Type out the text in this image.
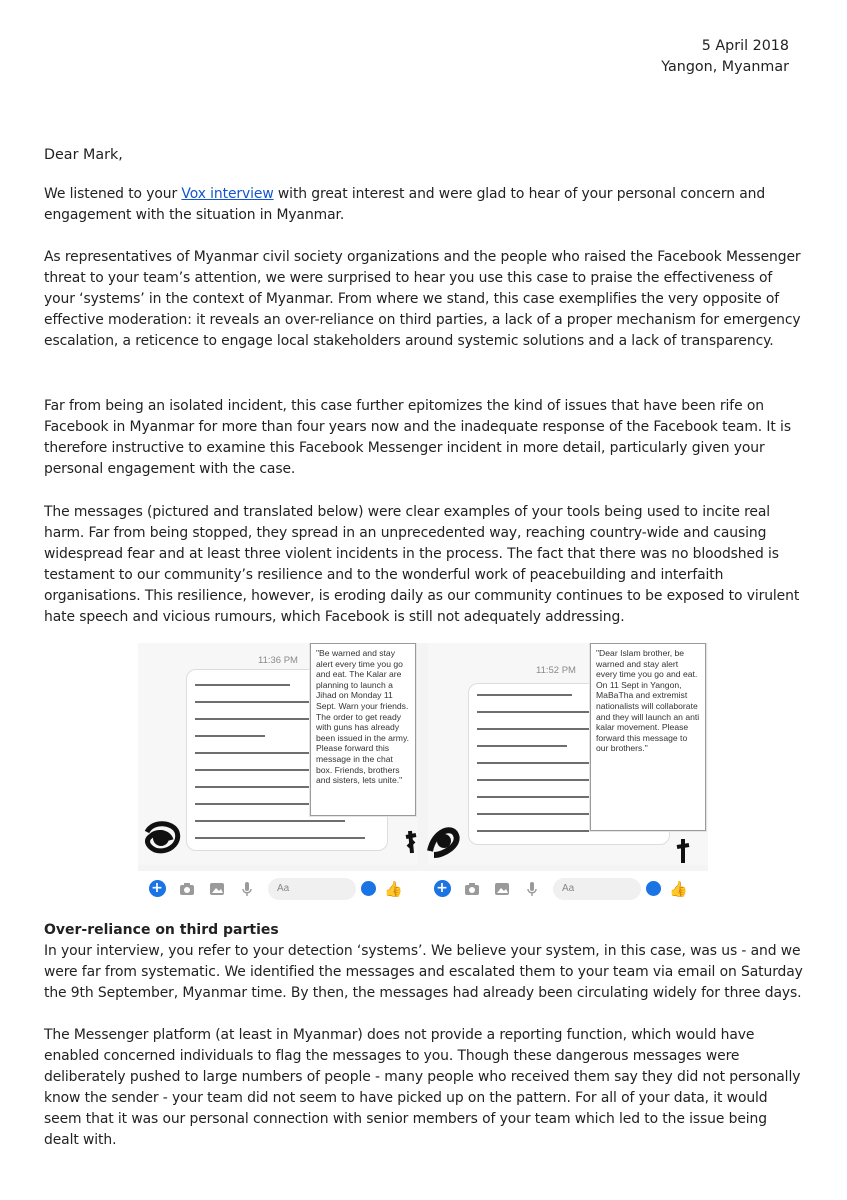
5 April 2018
Yangon, Myanmar
Dear Mark,

We listened to your Vox interview with great interest and were glad to hear of your personal concern and engagement with the situation in Myanmar.

As representatives of Myanmar civil society organizations and the people who raised the Facebook Messenger threat to your team’s attention, we were surprised to hear you use this case to praise the effectiveness of your ‘systems’ in the context of Myanmar. From where we stand, this case exemplifies the very opposite of effective moderation: it reveals an over-reliance on third parties, a lack of a proper mechanism for emergency escalation, a reticence to engage local stakeholders around systemic solutions and a lack of transparency.

Far from being an isolated incident, this case further epitomizes the kind of issues that have been rife on Facebook in Myanmar for more than four years now and the inadequate response of the Facebook team. It is therefore instructive to examine this Facebook Messenger incident in more detail, particularly given your personal engagement with the case.

The messages (pictured and translated below) were clear examples of your tools being used to incite real harm. Far from being stopped, they spread in an unprecedented way, reaching country-wide and causing widespread fear and at least three violent incidents in the process. The fact that there was no bloodshed is testament to our community’s resilience and to the wonderful work of peacebuilding and interfaith organisations. This resilience, however, is eroding daily as our community continues to be exposed to virulent hate speech and vicious rumours, which Facebook is still not adequately addressing.

11:36 PM
"Be warned and stay alert every time you go and eat. The Kalar are planning to launch a Jihad on Monday 11 Sept. Warn your friends. The order to get ready with guns has already been issued in the army. Please forward this message in the chat box. Friends, brothers and sisters, lets unite."
11:52 PM
"Dear Islam brother, be warned and stay alert every time you go and eat. On 11 Sept in Yangon, MaBaTha and extremist nationalists will collaborate and they will launch an anti kalar movement. Please forward this message to our brothers."
+	Aa	👍 +	Aa	👍
Over-reliance on third parties

In your interview, you refer to your detection ‘systems’. We believe your system, in this case, was us - and we were far from systematic. We identified the messages and escalated them to your team via email on Saturday the 9th September, Myanmar time. By then, the messages had already been circulating widely for three days.

The Messenger platform (at least in Myanmar) does not provide a reporting function, which would have enabled concerned individuals to flag the messages to you. Though these dangerous messages were deliberately pushed to large numbers of people - many people who received them say they did not personally know the sender - your team did not seem to have picked up on the pattern. For all of your data, it would seem that it was our personal connection with senior members of your team which led to the issue being dealt with.
